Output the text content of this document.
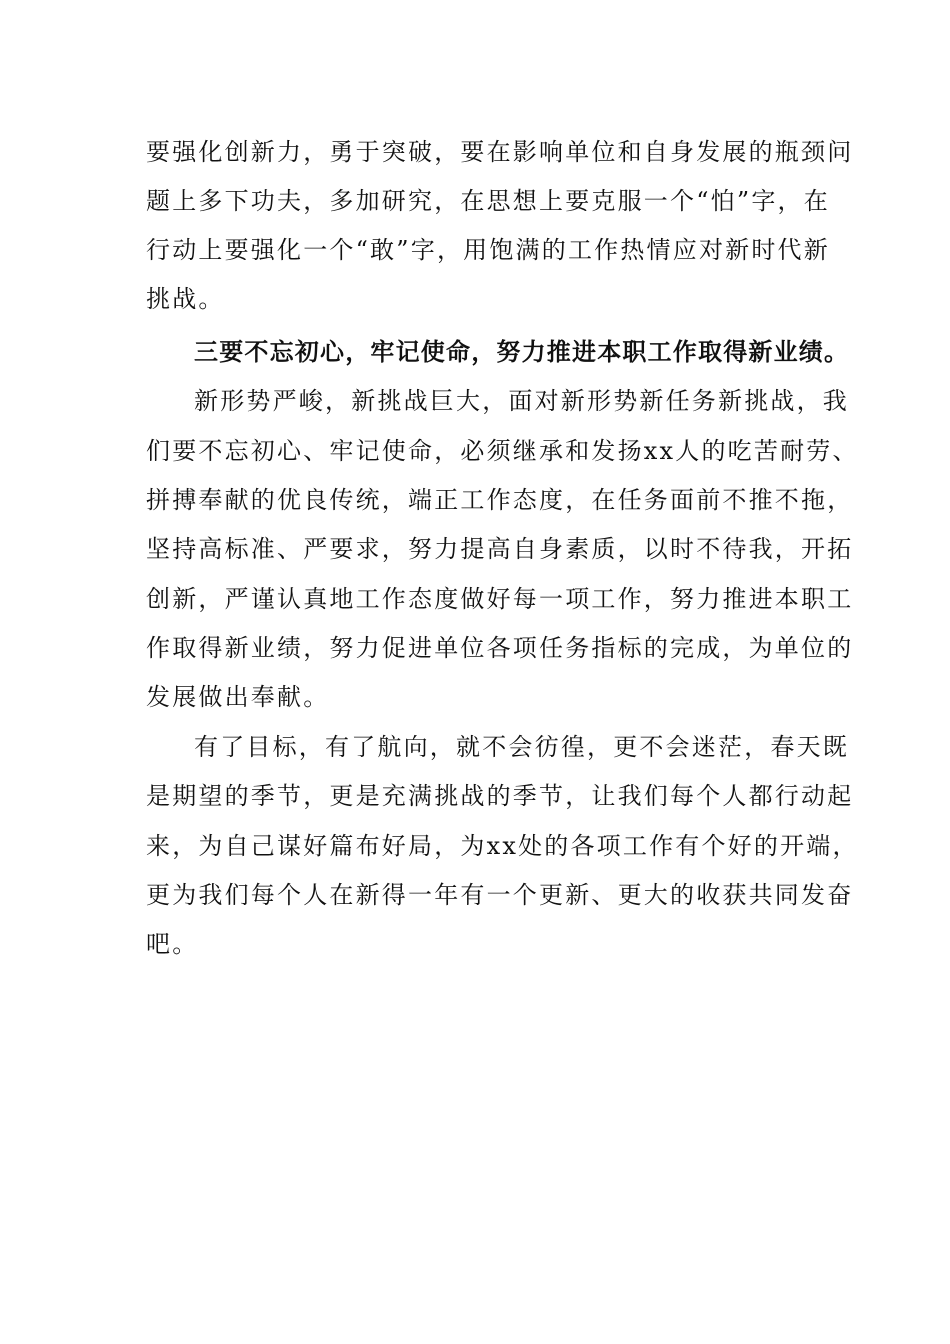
要强化创新力，勇于突破，要在影响单位和自身发展的瓶颈问
题上多下功夫，多加研究，在思想上要克服一个“怕”字，在
行动上要强化一个“敢”字，用饱满的工作热情应对新时代新
挑战。
三要不忘初心，牢记使命，努力推进本职工作取得新业绩。
新形势严峻，新挑战巨大，面对新形势新任务新挑战，我
们要不忘初心、牢记使命，必须继承和发扬xx人的吃苦耐劳、
拼搏奉献的优良传统，端正工作态度，在任务面前不推不拖，
坚持高标准、严要求，努力提高自身素质，以时不待我，开拓
创新，严谨认真地工作态度做好每一项工作，努力推进本职工
作取得新业绩，努力促进单位各项任务指标的完成，为单位的
发展做出奉献。
有了目标，有了航向，就不会彷徨，更不会迷茫，春天既
是期望的季节，更是充满挑战的季节，让我们每个人都行动起
来，为自己谋好篇布好局，为xx处的各项工作有个好的开端，
更为我们每个人在新得一年有一个更新、更大的收获共同发奋
吧。
